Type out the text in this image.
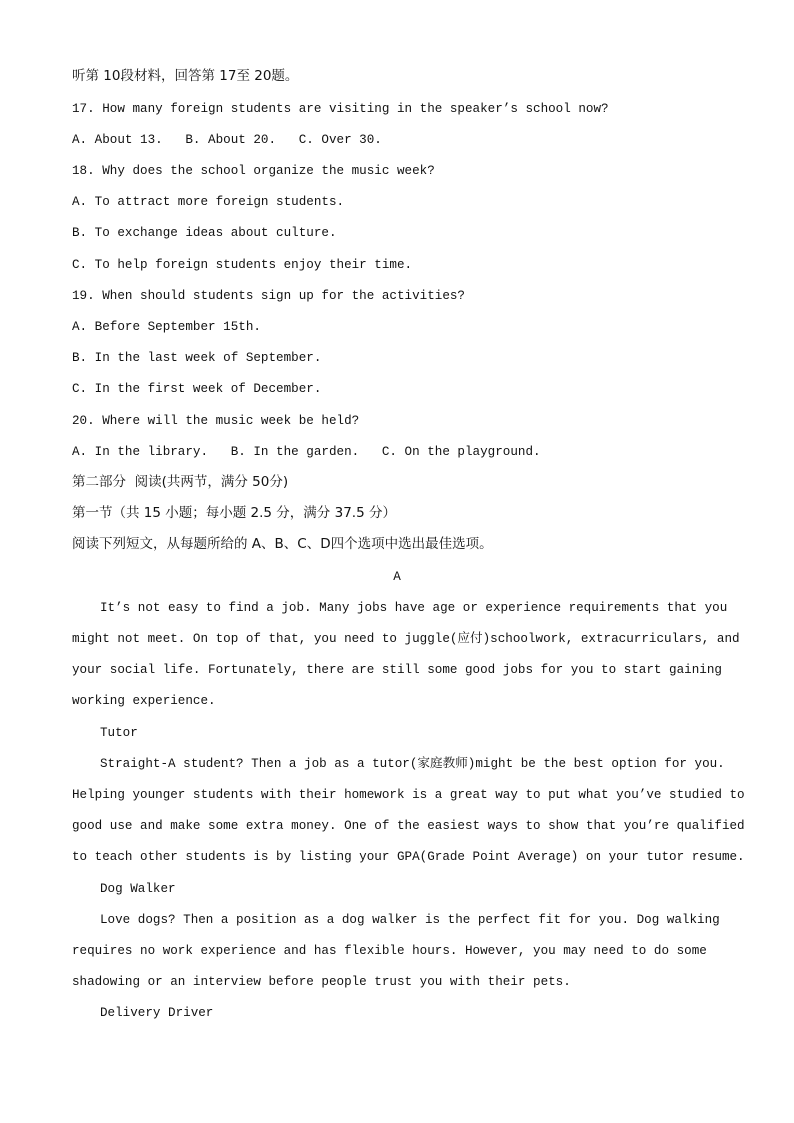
听第 10段材料，回答第 17至 20题。
17. How many foreign students are visiting in the speaker’s school now?
A. About 13.   B. About 20.   C. Over 30.
18. Why does the school organize the music week?
A. To attract more foreign students.
B. To exchange ideas about culture.
C. To help foreign students enjoy their time.
19. When should students sign up for the activities?
A. Before September 15th.
B. In the last week of September.
C. In the first week of December.
20. Where will the music week be held?
A. In the library.   B. In the garden.   C. On the playground.
第二部分  阅读(共两节，满分 50分)
第一节（共 15 小题；每小题 2.5 分，满分 37.5 分）
阅读下列短文，从每题所给的 A、B、C、D四个选项中选出最佳选项。
A
It’s not easy to find a job. Many jobs have age or experience requirements that you
might not meet. On top of that, you need to juggle(应付)schoolwork, extracurriculars, and
your social life. Fortunately, there are still some good jobs for you to start gaining
working experience.
Tutor
Straight-A student? Then a job as a tutor(家庭教师)might be the best option for you.
Helping younger students with their homework is a great way to put what you’ve studied to
good use and make some extra money. One of the easiest ways to show that you’re qualified
to teach other students is by listing your GPA(Grade Point Average) on your tutor resume.
Dog Walker
Love dogs? Then a position as a dog walker is the perfect fit for you. Dog walking
requires no work experience and has flexible hours. However, you may need to do some
shadowing or an interview before people trust you with their pets.
Delivery Driver
